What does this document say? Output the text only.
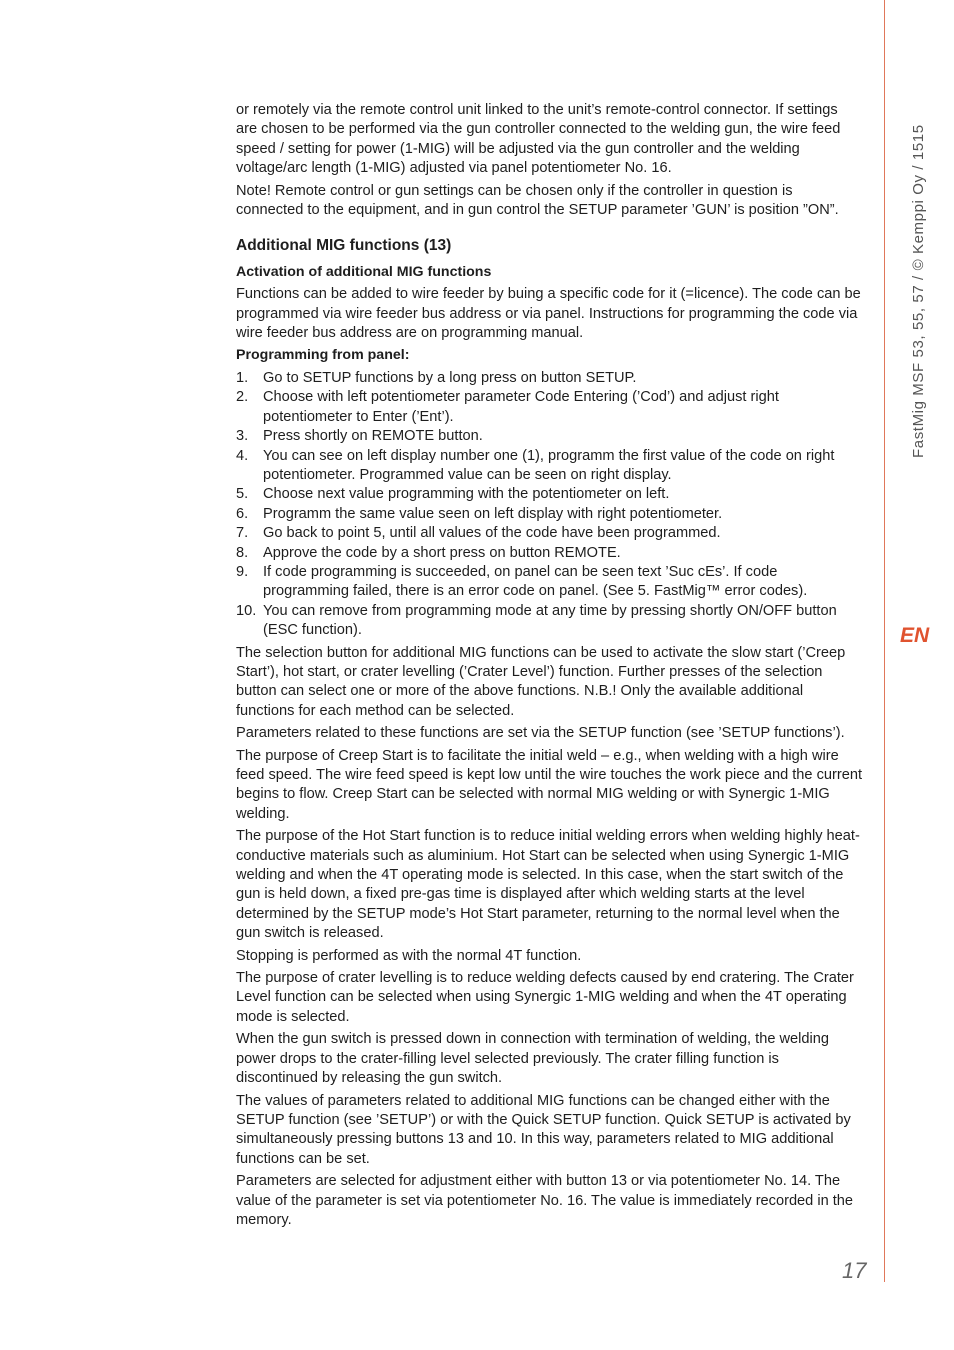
FastMig MSF 53, 55, 57 / © Kemppi Oy / 1515
EN
17

or remotely via the remote control unit linked to the unit’s remote-control connector. If settings are chosen to be performed via the gun controller connected to the welding gun, the wire feed speed / setting for power (1-MIG) will be adjusted via the gun controller and the welding voltage/arc length (1-MIG) adjusted via panel potentiometer No. 16.

Note! Remote control or gun settings can be chosen only if the controller in question is connected to the equipment, and in gun control the SETUP parameter ’GUN’ is position ”ON”.

Additional MIG functions (13)

Activation of additional MIG functions

Functions can be added to wire feeder by buing a specific code for it (=licence). The code can be programmed via wire feeder bus address or via panel. Instructions for programming the code via wire feeder bus address are on programming manual.

Programming from panel:

1. Go to SETUP functions by a long press on button SETUP.
2. Choose with left potentiometer parameter Code Entering (’Cod’) and adjust right potentiometer to Enter (’Ent’).
3. Press shortly on REMOTE button.
4. You can see on left display number one (1), programm the first value of the code on right potentiometer. Programmed value can be seen on right display.
5. Choose next value programming with the potentiometer on left.
6. Programm the same value seen on left display with right potentiometer.
7. Go back to point 5, until all values of the code have been programmed.
8. Approve the code by a short press on button REMOTE.
9. If code programming is succeeded, on panel can be seen text ’Suc cEs’. If code programming failed, there is an error code on panel. (See 5. FastMig™ error codes).
10. You can remove from programming mode at any time by pressing shortly ON/OFF button (ESC function).

The selection button for additional MIG functions can be used to activate the slow start (’Creep Start’), hot start, or crater levelling (’Crater Level’) function. Further presses of the selection button can select one or more of the above functions. N.B.! Only the available additional functions for each method can be selected.

Parameters related to these functions are set via the SETUP function (see ’SETUP functions’).

The purpose of Creep Start is to facilitate the initial weld – e.g., when welding with a high wire feed speed. The wire feed speed is kept low until the wire touches the work piece and the current begins to flow. Creep Start can be selected with normal MIG welding or with Synergic 1-MIG welding.

The purpose of the Hot Start function is to reduce initial welding errors when welding highly heat-conductive materials such as aluminium. Hot Start can be selected when using Synergic 1-MIG welding and when the 4T operating mode is selected. In this case, when the start switch of the gun is held down, a fixed pre-gas time is displayed after which welding starts at the level determined by the SETUP mode’s Hot Start parameter, returning to the normal level when the gun switch is released.

Stopping is performed as with the normal 4T function.

The purpose of crater levelling is to reduce welding defects caused by end cratering. The Crater Level function can be selected when using Synergic 1-MIG welding and when the 4T operating mode is selected.

When the gun switch is pressed down in connection with termination of welding, the welding power drops to the crater-filling level selected previously. The crater filling function is discontinued by releasing the gun switch.

The values of parameters related to additional MIG functions can be changed either with the SETUP function (see ’SETUP’) or with the Quick SETUP function. Quick SETUP is activated by simultaneously pressing buttons 13 and 10. In this way, parameters related to MIG additional functions can be set.

Parameters are selected for adjustment either with button 13 or via potentiometer No. 14. The value of the parameter is set via potentiometer No. 16. The value is immediately recorded in the memory.
